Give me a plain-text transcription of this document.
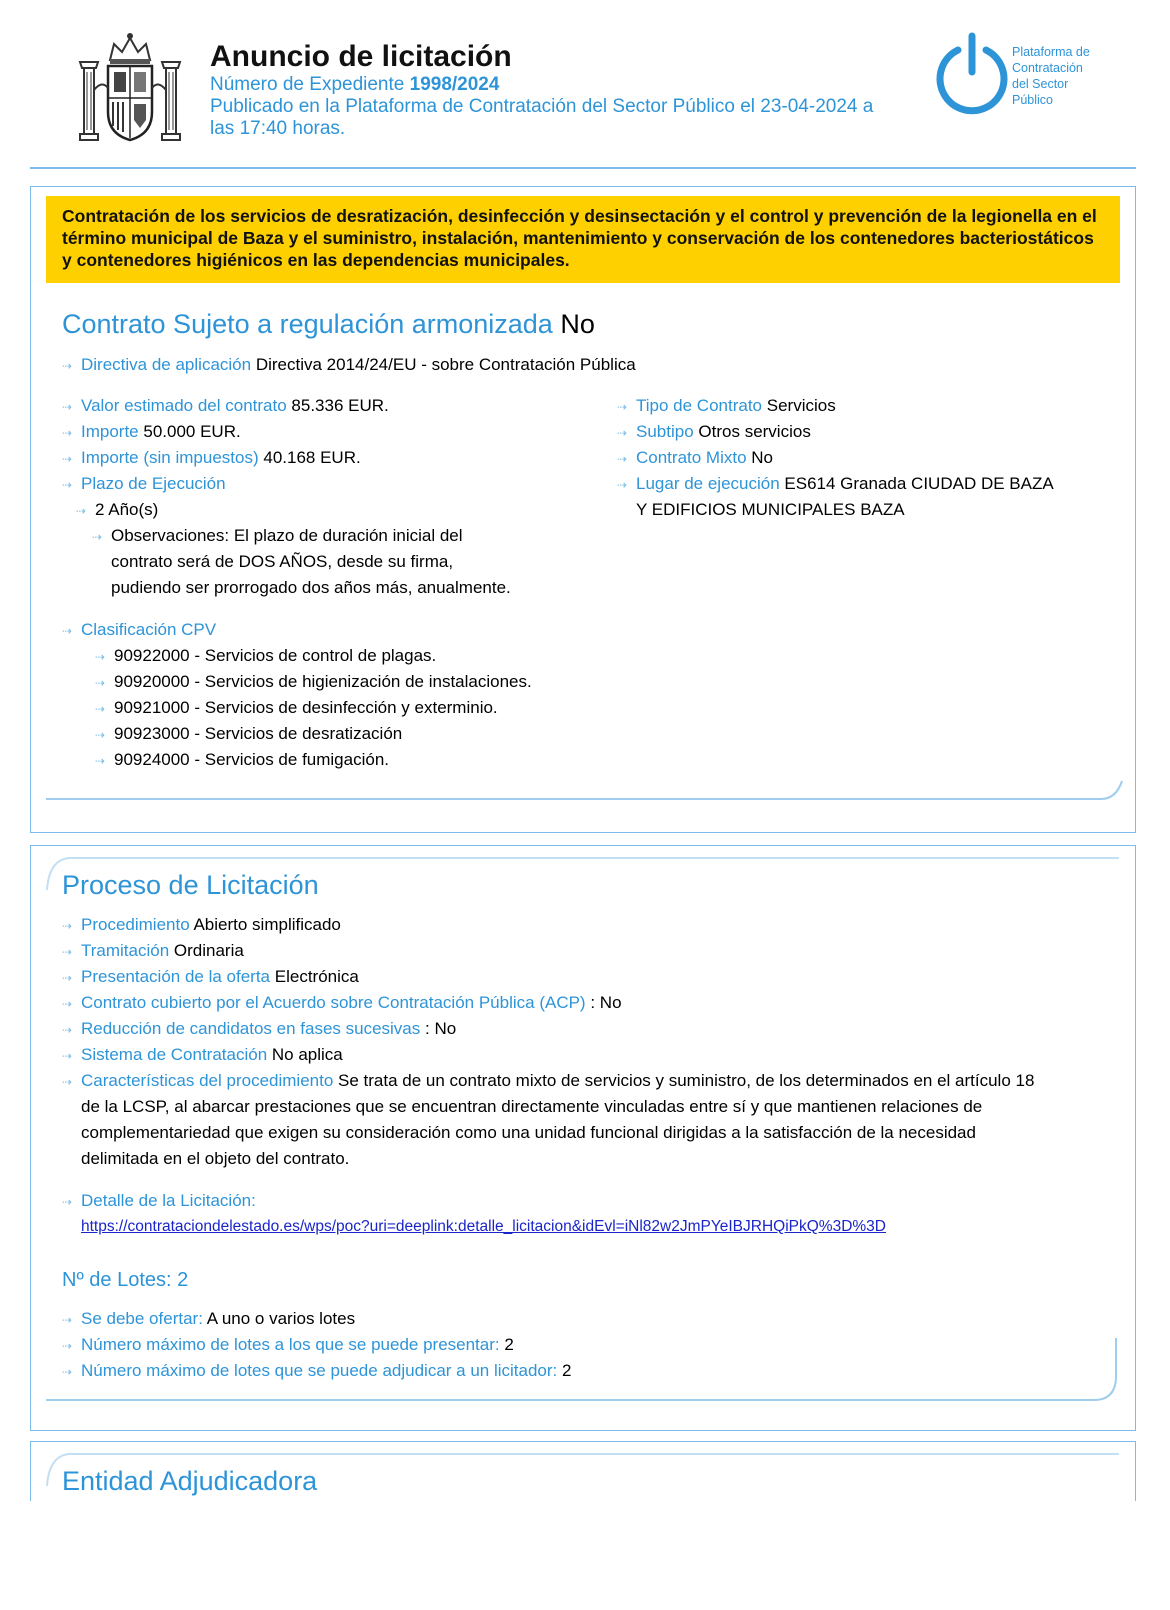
Anuncio de licitación
Número de Expediente 1998/2024
Publicado en la Plataforma de Contratación del Sector Público el 23-04-2024 a
las 17:40 horas.
Plataforma de
Contratación
del Sector
Público
Contratación de los servicios de desratización, desinfección y desinsectación y el control y prevención de la legionella en el término municipal de Baza y el suministro, instalación, mantenimiento y conservación de los contenedores bacteriostáticos y contenedores higiénicos en las dependencias municipales.
Contrato Sujeto a regulación armonizada No
⇢ Directiva de aplicación Directiva 2014/24/EU - sobre Contratación Pública
⇢ Valor estimado del contrato 85.336 EUR.
⇢ Importe 50.000 EUR.
⇢ Importe (sin impuestos) 40.168 EUR.
⇢ Plazo de Ejecución
⇢ 2 Año(s)
⇢ Observaciones: El plazo de duración inicial del
contrato será de DOS AÑOS, desde su firma,
pudiendo ser prorrogado dos años más, anualmente.
⇢ Tipo de Contrato Servicios
⇢ Subtipo Otros servicios
⇢ Contrato Mixto No
⇢ Lugar de ejecución ES614 Granada CIUDAD DE BAZA
Y EDIFICIOS MUNICIPALES BAZA
⇢ Clasificación CPV
⇢ 90922000 - Servicios de control de plagas.
⇢ 90920000 - Servicios de higienización de instalaciones.
⇢ 90921000 - Servicios de desinfección y exterminio.
⇢ 90923000 - Servicios de desratización
⇢ 90924000 - Servicios de fumigación.
Proceso de Licitación
⇢ Procedimiento Abierto simplificado
⇢ Tramitación Ordinaria
⇢ Presentación de la oferta Electrónica
⇢ Contrato cubierto por el Acuerdo sobre Contratación Pública (ACP) : No
⇢ Reducción de candidatos en fases sucesivas : No
⇢ Sistema de Contratación No aplica
⇢ Características del procedimiento Se trata de un contrato mixto de servicios y suministro, de los determinados en el artículo 18
de la LCSP, al abarcar prestaciones que se encuentran directamente vinculadas entre sí y que mantienen relaciones de
complementariedad que exigen su consideración como una unidad funcional dirigidas a la satisfacción de la necesidad
delimitada en el objeto del contrato.
⇢ Detalle de la Licitación:
https://contrataciondelestado.es/wps/poc?uri=deeplink:detalle_licitacion&idEvl=iNl82w2JmPYeIBJRHQiPkQ%3D%3D
Nº de Lotes: 2
⇢ Se debe ofertar: A uno o varios lotes
⇢ Número máximo de lotes a los que se puede presentar: 2
⇢ Número máximo de lotes que se puede adjudicar a un licitador: 2
Entidad Adjudicadora
